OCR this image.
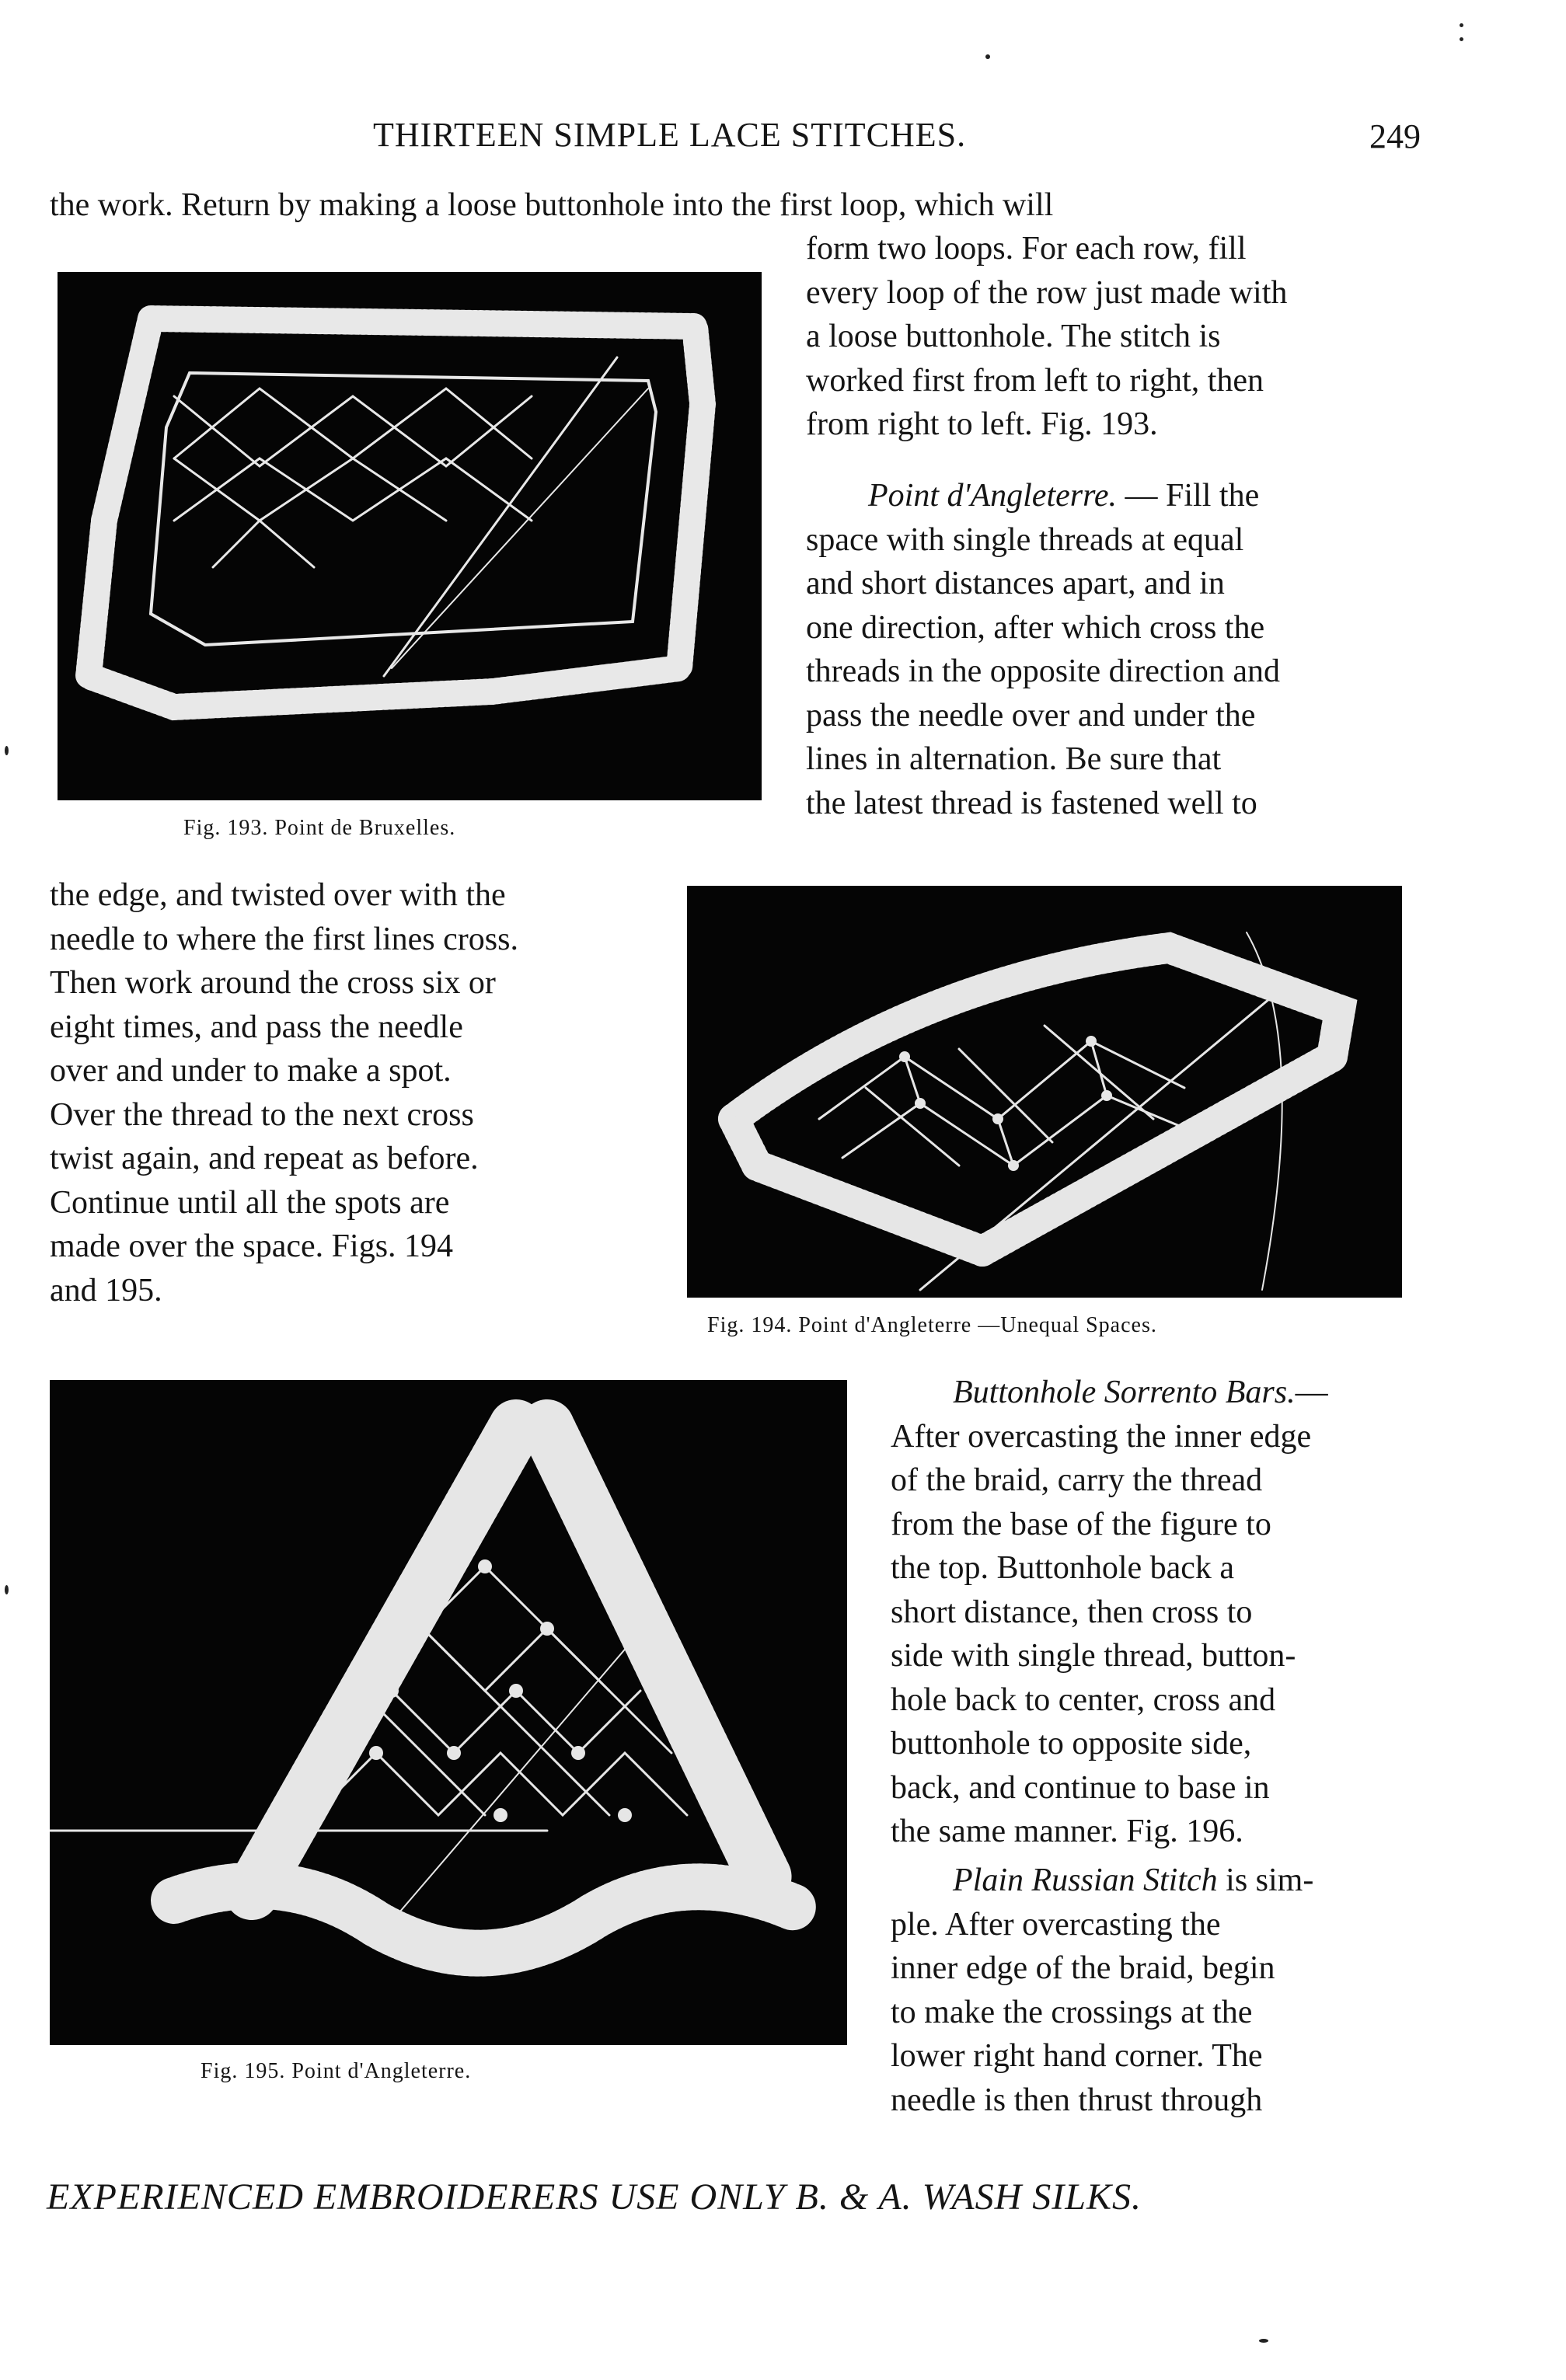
THIRTEEN SIMPLE LACE STITCHES.	249
the work. Return by making a loose buttonhole into the first loop, which will
Fig. 193. Point de Bruxelles.

form two loops. For each row, fill

every loop of the row just made with

a loose buttonhole. The stitch is

worked first from left to right, then

from right to left. Fig. 193.

Point d'Angleterre. — Fill the

space with single threads at equal

and short distances apart, and in

one direction, after which cross the

threads in the opposite direction and

pass the needle over and under the

lines in alternation. Be sure that

the latest thread is fastened well to

the edge, and twisted over with the

needle to where the first lines cross.

Then work around the cross six or

eight times, and pass the needle

over and under to make a spot.

Over the thread to the next cross

twist again, and repeat as before.

Continue until all the spots are

made over the space. Figs. 194

and 195.

Fig. 194. Point d'Angleterre —Unequal Spaces.
Fig. 195. Point d'Angleterre.

Buttonhole Sorrento Bars.—

After overcasting the inner edge

of the braid, carry the thread

from the base of the figure to

the top. Buttonhole back a

short distance, then cross to

side with single thread, button-

hole back to center, cross and

buttonhole to opposite side,

back, and continue to base in

the same manner. Fig. 196.

Plain Russian Stitch is sim-

ple. After overcasting the

inner edge of the braid, begin

to make the crossings at the

lower right hand corner. The

needle is then thrust through

EXPERIENCED EMBROIDERERS USE ONLY B. & A. WASH SILKS.
